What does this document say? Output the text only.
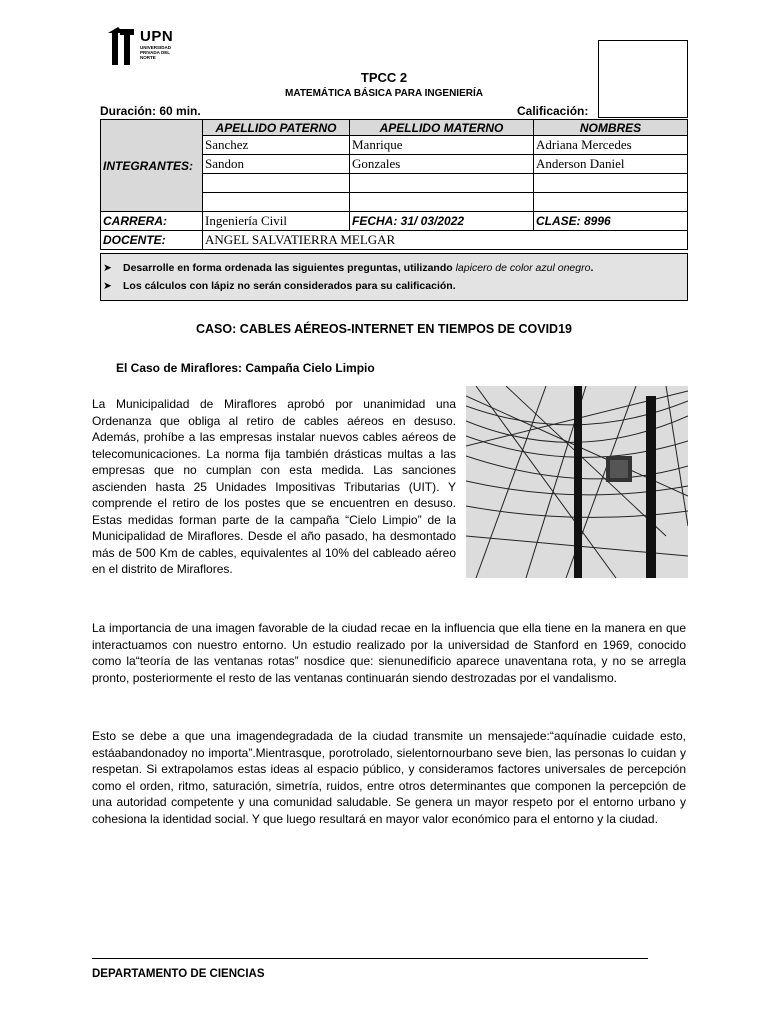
UPN
UNIVERSIDAD PRIVADA DEL NORTE
TPCC 2
MATEMÁTICA BÁSICA PARA INGENIERÍA
Duración: 60 min.	Calificación:
INTEGRANTES:	APELLIDO PATERNO	APELLIDO MATERNO	NOMBRES
	Sanchez	Manrique	Adriana Mercedes
	Sandon	Gonzales	Anderson Daniel

CARRERA:	Ingeniería Civil	FECHA: 31/ 03/2022	CLASE: 8996
DOCENTE:	ANGEL SALVATIERRA MELGAR		
➤ Desarrolle en forma ordenada las siguientes preguntas, utilizando lapicero de color azul onegro.
➤ Los cálculos con lápiz no serán considerados para su calificación.
CASO: CABLES AÉREOS-INTERNET EN TIEMPOS DE COVID19
El Caso de Miraflores: Campaña Cielo Limpio
La Municipalidad de Miraflores aprobó por unanimidad una Ordenanza que obliga al retiro de cables aéreos en desuso. Además, prohíbe a las empresas instalar nuevos cables aéreos de telecomunicaciones. La norma fija también drásticas multas a las empresas que no cumplan con esta medida. Las sanciones ascienden hasta 25 Unidades Impositivas Tributarias (UIT). Y comprende el retiro de los postes que se encuentren en desuso. Estas medidas forman parte de la campaña “Cielo Limpio” de la Municipalidad de Miraflores. Desde el año pasado, ha desmontado más de 500 Km de cables, equivalentes al 10% del cableado aéreo en el distrito de Miraflores.
La importancia de una imagen favorable de la ciudad recae en la influencia que ella tiene en la manera en que interactuamos con nuestro entorno. Un estudio realizado por la universidad de Stanford en 1969, conocido como la“teoría de las ventanas rotas” nosdice que: sienunedificio aparece unaventana rota, y no se arregla pronto, posteriormente el resto de las ventanas continuarán siendo destrozadas por el vandalismo.
Esto se debe a que una imagendegradada de la ciudad transmite un mensajede:“aquínadie cuidade esto, estáabandonadoy no importa”.Mientrasque, porotrolado, sielentornourbano seve bien, las personas lo cuidan y respetan. Si extrapolamos estas ideas al espacio público, y consideramos factores universales de percepción como el orden, ritmo, saturación, simetría, ruidos, entre otros determinantes que componen la percepción de una autoridad competente y una comunidad saludable. Se genera un mayor respeto por el entorno urbano y cohesiona la identidad social. Y que luego resultará en mayor valor económico para el entorno y la ciudad.
DEPARTAMENTO DE CIENCIAS
